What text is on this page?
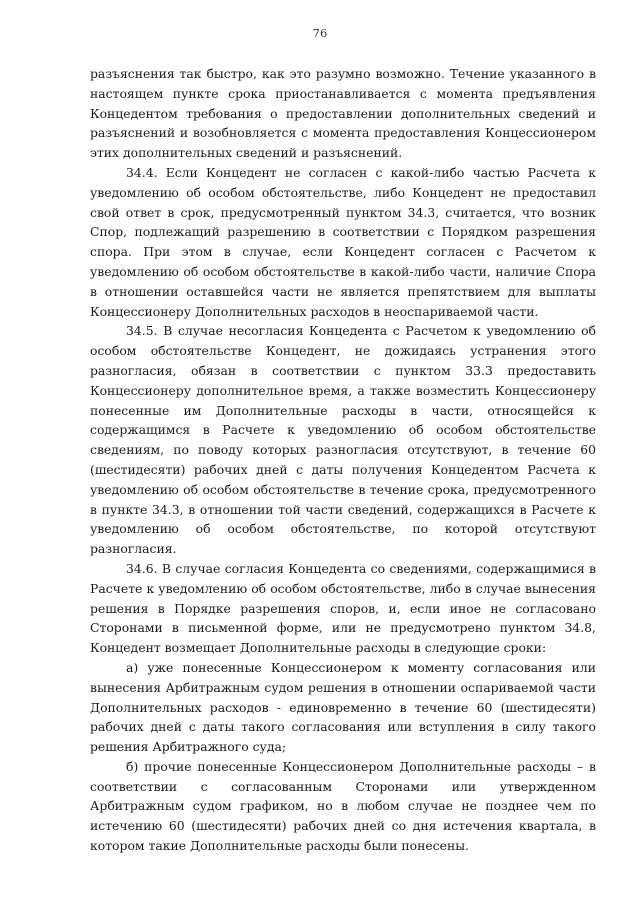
76

разъяснения так быстро, как это разумно возможно. Течение указанного в настоящем пункте срока приостанавливается с момента предъявления Концедентом требования о предоставлении дополнительных сведений и разъяснений и возобновляется с момента предоставления Концессионером этих дополнительных сведений и разъяснений.

34.4. Если Концедент не согласен с какой-либо частью Расчета к уведомлению об особом обстоятельстве, либо Концедент не предоставил свой ответ в срок, предусмотренный пунктом 34.3, считается, что возник Спор, подлежащий разрешению в соответствии с Порядком разрешения спора. При этом в случае, если Концедент согласен с Расчетом к уведомлению об особом обстоятельстве в какой-либо части, наличие Спора в отношении оставшейся части не является препятствием для выплаты Концессионеру Дополнительных расходов в неоспариваемой части.

34.5. В случае несогласия Концедента с Расчетом к уведомлению об особом обстоятельстве Концедент, не дожидаясь устранения этого разногласия, обязан в соответствии с пунктом 33.3 предоставить Концессионеру дополнительное время, а также возместить Концессионеру понесенные им Дополнительные расходы в части, относящейся к содержащимся в Расчете к уведомлению об особом обстоятельстве сведениям, по поводу которых разногласия отсутствуют, в течение 60 (шестидесяти) рабочих дней с даты получения Концедентом Расчета к уведомлению об особом обстоятельстве в течение срока, предусмотренного в пункте 34.3, в отношении той части сведений, содержащихся в Расчете к уведомлению об особом обстоятельстве, по которой отсутствуют разногласия.

34.6. В случае согласия Концедента со сведениями, содержащимися в Расчете к уведомлению об особом обстоятельстве, либо в случае вынесения решения в Порядке разрешения споров, и, если иное не согласовано Сторонами в письменной форме, или не предусмотрено пунктом 34.8, Концедент возмещает Дополнительные расходы в следующие сроки:

а) уже понесенные Концессионером к моменту согласования или вынесения Арбитражным судом решения в отношении оспариваемой части Дополнительных расходов - единовременно в течение 60 (шестидесяти) рабочих дней с даты такого согласования или вступления в силу такого решения Арбитражного суда;

б) прочие понесенные Концессионером Дополнительные расходы – в соответствии с согласованным Сторонами или утвержденном Арбитражным судом графиком, но в любом случае не позднее чем по истечению 60 (шестидесяти) рабочих дней со дня истечения квартала, в котором такие Дополнительные расходы были понесены.
